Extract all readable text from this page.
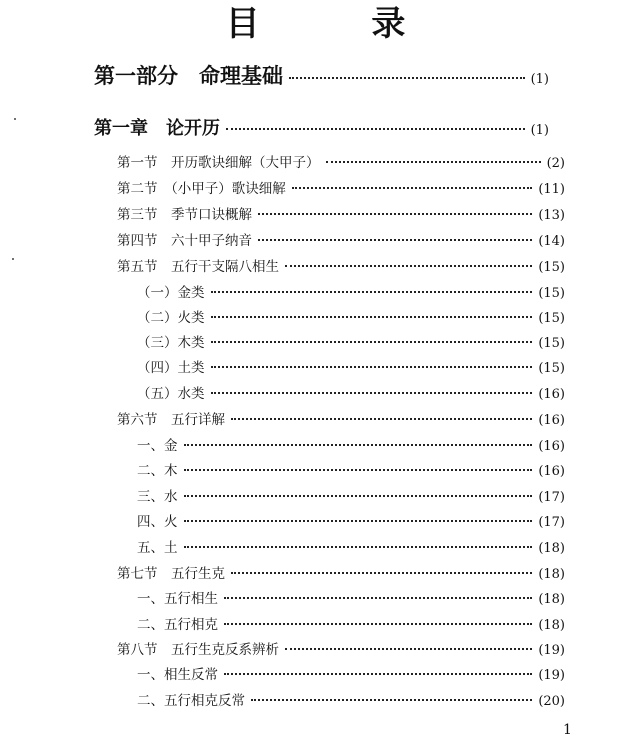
目 录
第一部分　命理基础	(1)
第一章　论开历	(1)
第一节　开历歌诀细解（大甲子）	(2)
第二节　（小甲子）歌诀细解	(11)
第三节　季节口诀概解	(13)
第四节　六十甲子纳音	(14)
第五节　五行干支隔八相生	(15)
（一）金类	(15)
（二）火类	(15)
（三）木类	(15)
（四）土类	(15)
（五）水类	(16)
第六节　五行详解	(16)
一、金	(16)
二、木	(16)
三、水	(17)
四、火	(17)
五、土	(18)
第七节　五行生克	(18)
一、五行相生	(18)
二、五行相克	(18)
第八节　五行生克反系辨析	(19)
一、相生反常	(19)
二、五行相克反常	(20)
1
